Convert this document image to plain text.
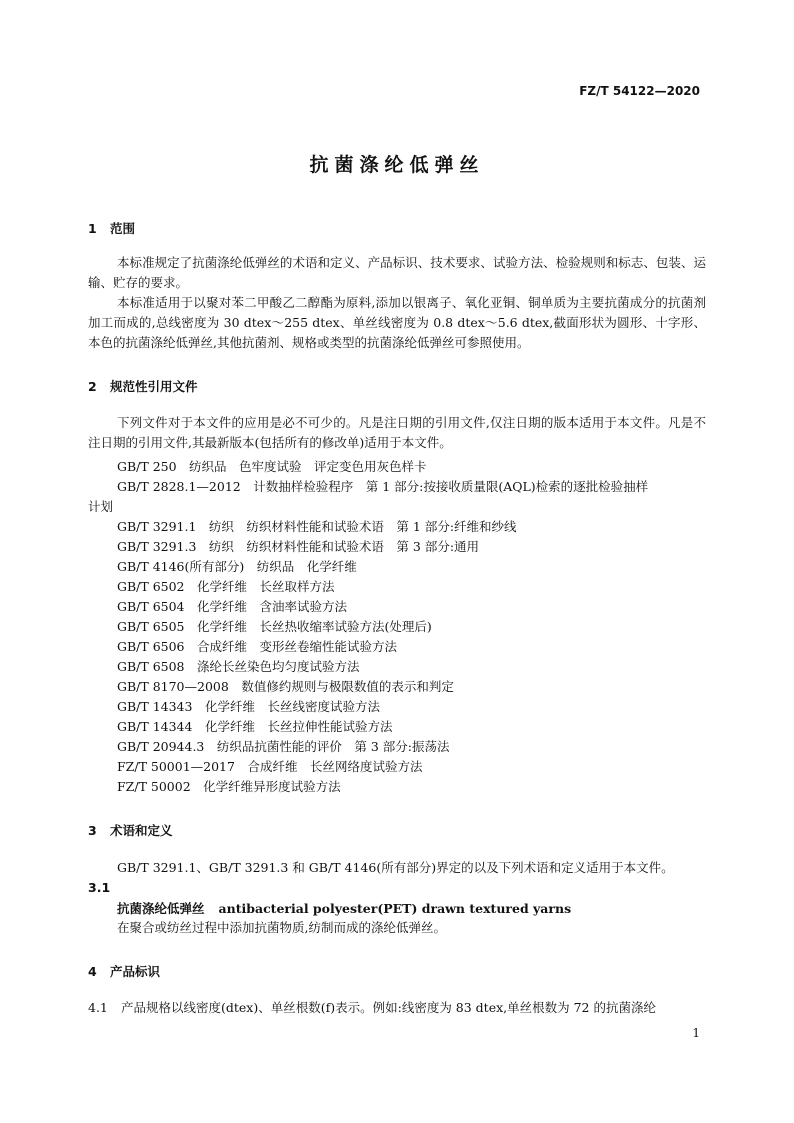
FZ/T 54122—2020

抗菌涤纶低弹丝
1 范围

本标准规定了抗菌涤纶低弹丝的术语和定义、产品标识、技术要求、试验方法、检验规则和标志、包装、运输、贮存的要求。

本标准适用于以聚对苯二甲酸乙二醇酯为原料,添加以银离子、氧化亚铜、铜单质为主要抗菌成分的抗菌剂加工而成的,总线密度为 30 dtex～255 dtex、单丝线密度为 0.8 dtex～5.6 dtex,截面形状为圆形、十字形、本色的抗菌涤纶低弹丝,其他抗菌剂、规格或类型的抗菌涤纶低弹丝可参照使用。

2 规范性引用文件

下列文件对于本文件的应用是必不可少的。凡是注日期的引用文件,仅注日期的版本适用于本文件。凡是不注日期的引用文件,其最新版本(包括所有的修改单)适用于本文件。

GB/T 250　纺织品　色牢度试验　评定变色用灰色样卡

GB/T 2828.1—2012　计数抽样检验程序　第 1 部分:按接收质量限(AQL)检索的逐批检验抽样

计划

GB/T 3291.1　纺织　纺织材料性能和试验术语　第 1 部分:纤维和纱线

GB/T 3291.3　纺织　纺织材料性能和试验术语　第 3 部分:通用

GB/T 4146(所有部分)　纺织品　化学纤维

GB/T 6502　化学纤维　长丝取样方法

GB/T 6504　化学纤维　含油率试验方法

GB/T 6505　化学纤维　长丝热收缩率试验方法(处理后)

GB/T 6506　合成纤维　变形丝卷缩性能试验方法

GB/T 6508　涤纶长丝染色均匀度试验方法

GB/T 8170—2008　数值修约规则与极限数值的表示和判定

GB/T 14343　化学纤维　长丝线密度试验方法

GB/T 14344　化学纤维　长丝拉伸性能试验方法

GB/T 20944.3　纺织品抗菌性能的评价　第 3 部分:振荡法

FZ/T 50001—2017　合成纤维　长丝网络度试验方法

FZ/T 50002　化学纤维异形度试验方法

3 术语和定义

GB/T 3291.1、GB/T 3291.3 和 GB/T 4146(所有部分)界定的以及下列术语和定义适用于本文件。

3.1

抗菌涤纶低弹丝 antibacterial polyester(PET) drawn textured yarns

在聚合或纺丝过程中添加抗菌物质,纺制而成的涤纶低弹丝。

4 产品标识

4.1 产品规格以线密度(dtex)、单丝根数(f)表示。例如:线密度为 83 dtex,单丝根数为 72 的抗菌涤纶

1
